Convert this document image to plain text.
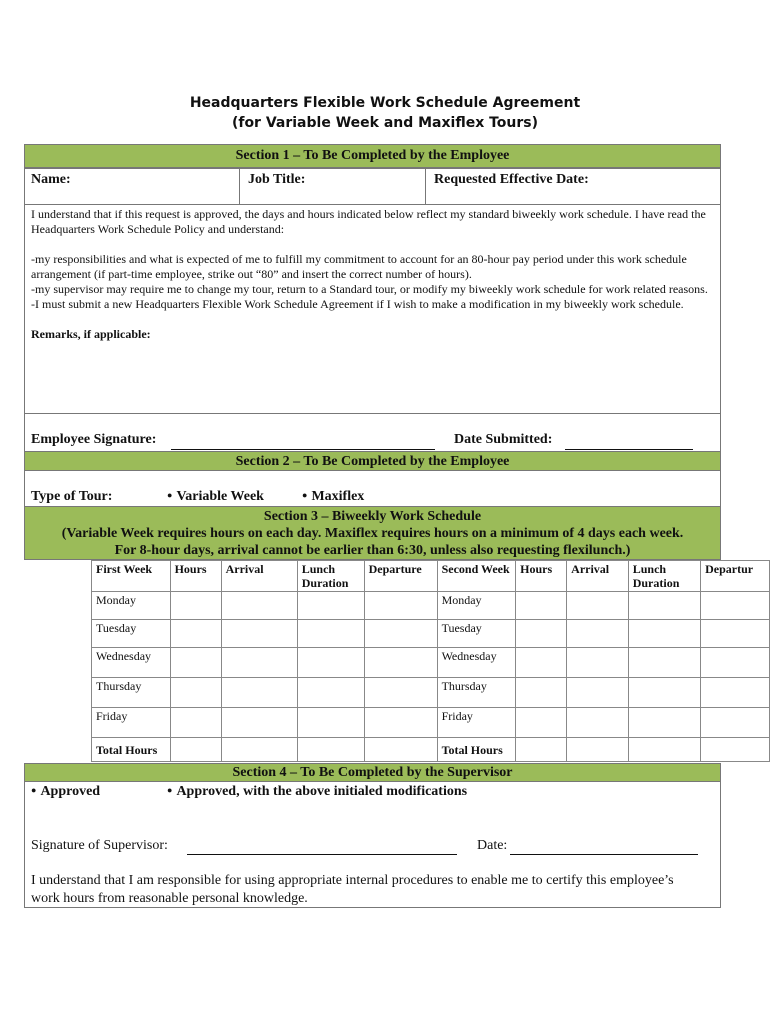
Headquarters Flexible Work Schedule Agreement
(for Variable Week and Maxiflex Tours)
Section 1 – To Be Completed by the Employee
Name:	Job Title:	Requested Effective Date:
I understand that if this request is approved, the days and hours indicated below reflect my standard biweekly work schedule. I have read the Headquarters Work Schedule Policy and understand:
-my responsibilities and what is expected of me to fulfill my commitment to account for an 80-hour pay period under this work schedule arrangement (if part-time employee, strike out “80” and insert the correct number of hours).
-my supervisor may require me to change my tour, return to a Standard tour, or modify my biweekly work schedule for work related reasons.
-I must submit a new Headquarters Flexible Work Schedule Agreement if I wish to make a modification in my biweekly work schedule.
Remarks, if applicable:
Employee Signature:	Date Submitted:
Section 2 – To Be Completed by the Employee
Type of Tour:	● Variable Week	● Maxiflex
Section 3 – Biweekly Work Schedule
(Variable Week requires hours on each day. Maxiflex requires hours on a minimum of 4 days each week.
For 8-hour days, arrival cannot be earlier than 6:30, unless also requesting flexilunch.)
First Week	Hours	Arrival	Lunch Duration	Departure	Second Week	Hours	Arrival	Lunch Duration	Departur
Monday					Monday				
Tuesday					Tuesday				
Wednesday					Wednesday				
Thursday					Thursday				
Friday					Friday				
Total Hours					Total Hours				
Section 4 – To Be Completed by the Supervisor
● Approved	● Approved, with the above initialed modifications
Signature of Supervisor:	Date:
I understand that I am responsible for using appropriate internal procedures to enable me to certify this employee’s work hours from reasonable personal knowledge.
